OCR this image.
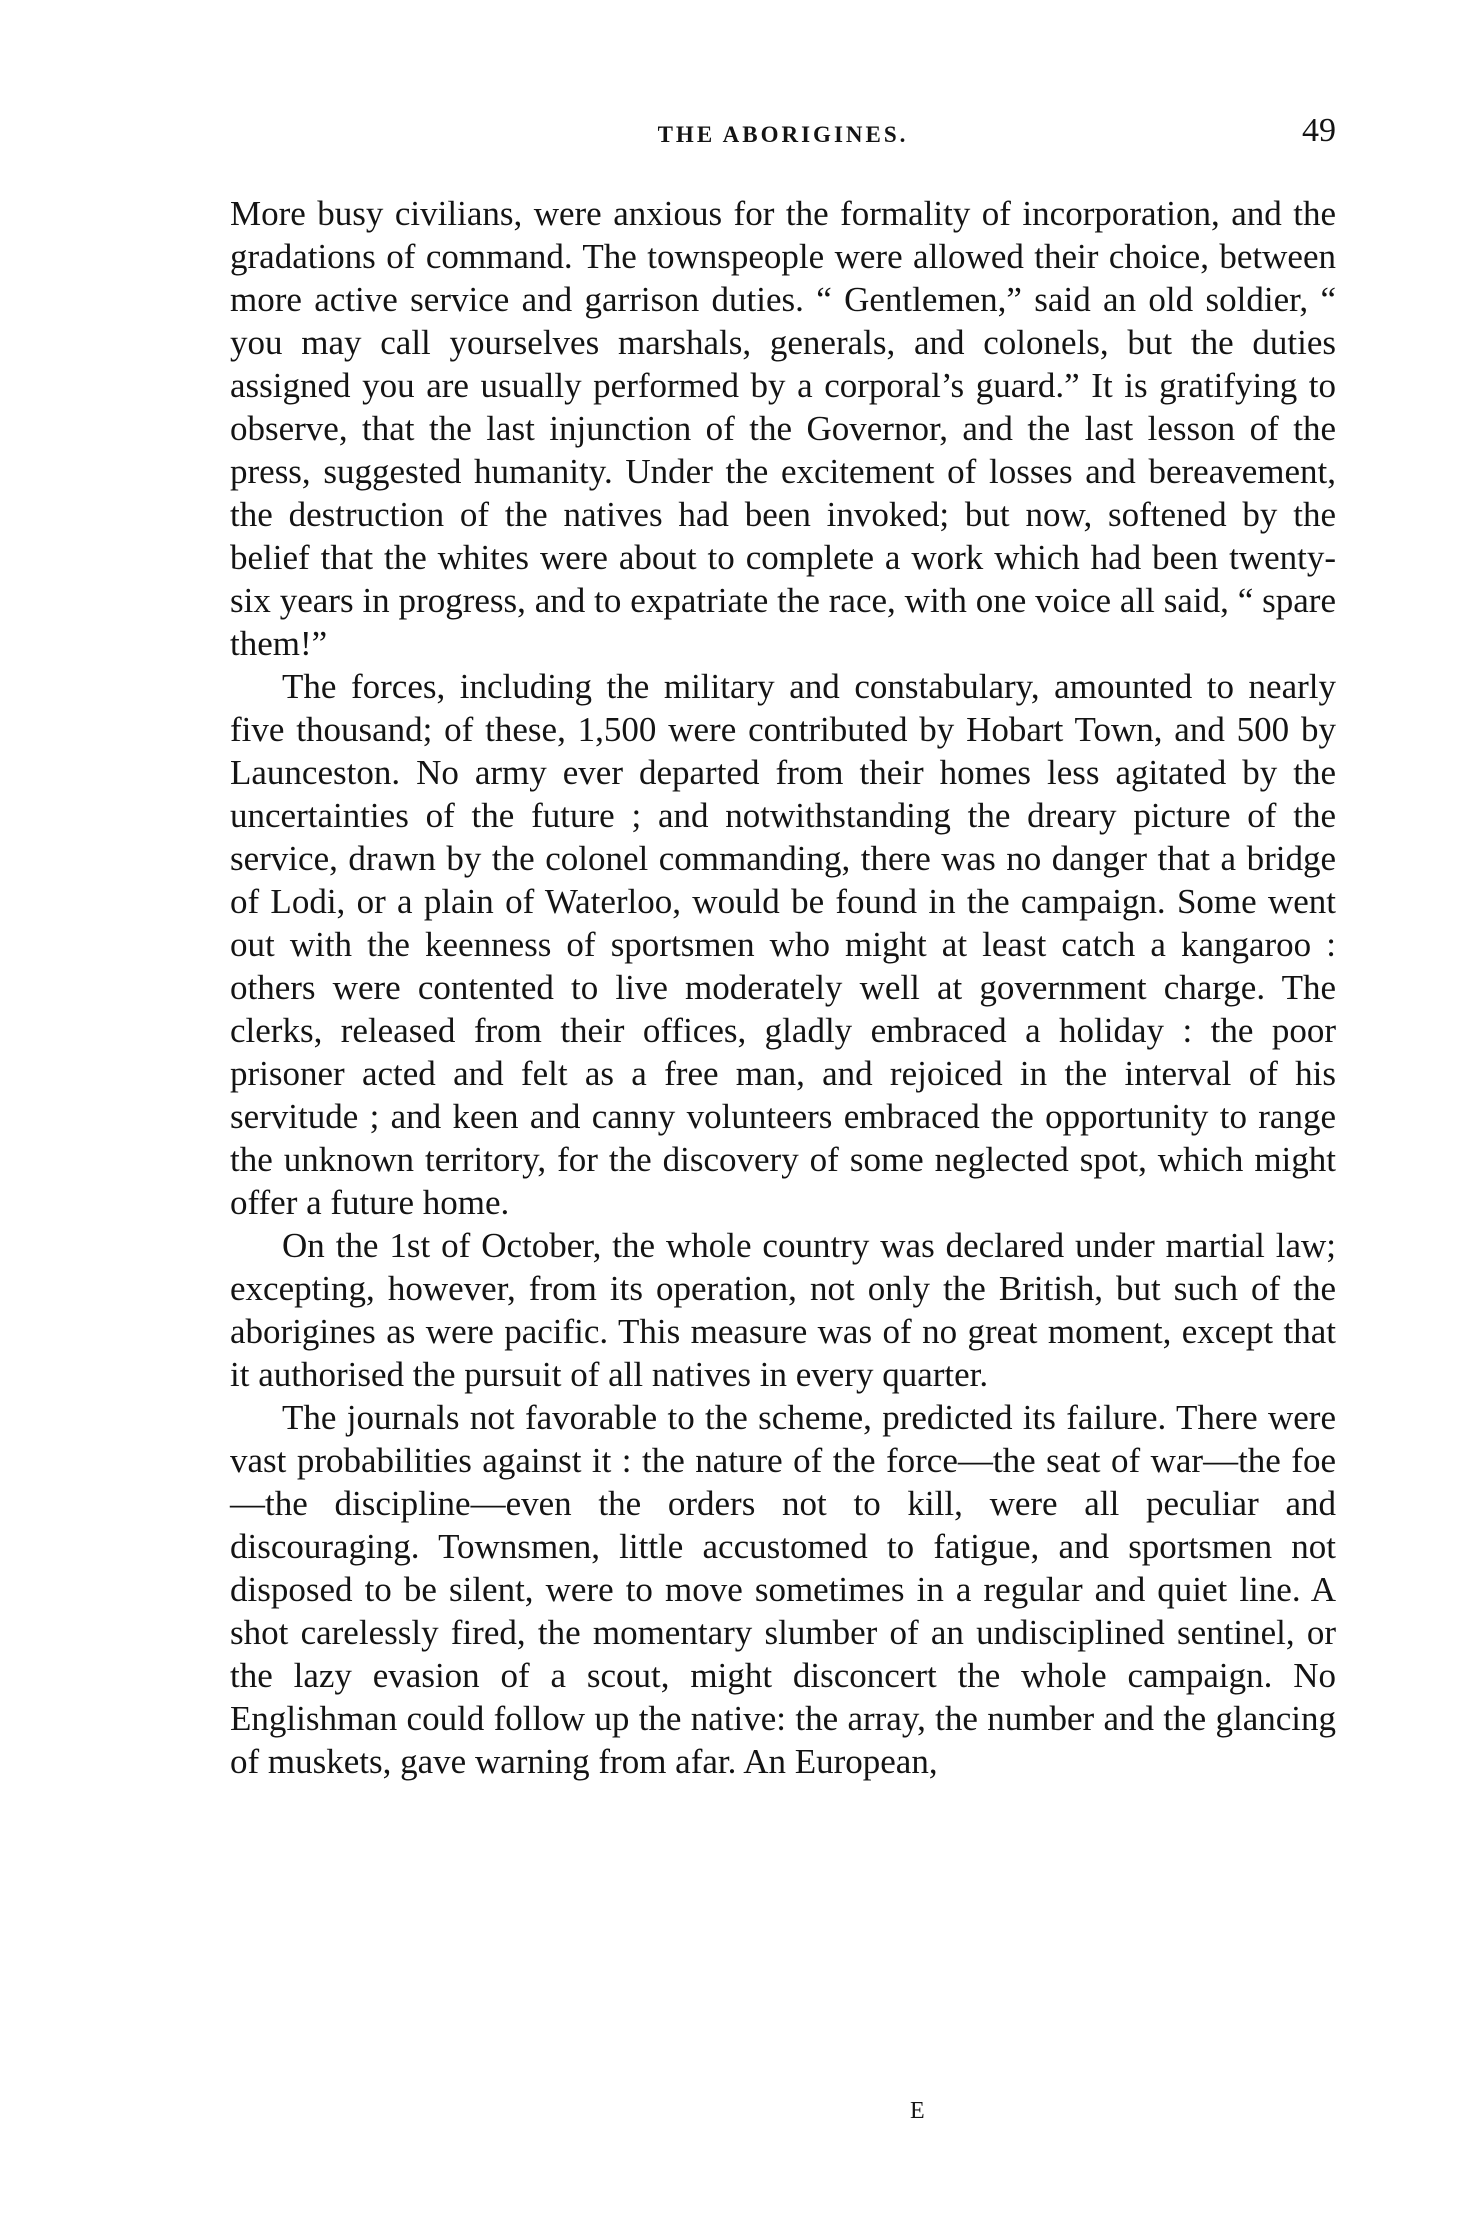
THE ABORIGINES.	49

More busy civilians, were anxious for the formality of incorporation, and the gradations of command. The townspeople were allowed their choice, between more active service and garrison duties. “ Gentlemen,” said an old soldier, “ you may call yourselves marshals, generals, and colonels, but the duties assigned you are usually performed by a corporal’s guard.” It is gratifying to observe, that the last injunction of the Governor, and the last lesson of the press, suggested humanity. Under the excitement of losses and bereavement, the destruction of the natives had been invoked; but now, softened by the belief that the whites were about to complete a work which had been twenty-six years in progress, and to expatriate the race, with one voice all said, “ spare them!”

The forces, including the military and constabulary, amounted to nearly five thousand; of these, 1,500 were contributed by Hobart Town, and 500 by Launceston. No army ever departed from their homes less agitated by the uncertainties of the future ; and notwithstanding the dreary picture of the service, drawn by the colonel commanding, there was no danger that a bridge of Lodi, or a plain of Waterloo, would be found in the campaign. Some went out with the keenness of sportsmen who might at least catch a kangaroo : others were contented to live moderately well at government charge. The clerks, released from their offices, gladly embraced a holiday : the poor prisoner acted and felt as a free man, and rejoiced in the interval of his servitude ; and keen and canny volunteers embraced the opportunity to range the unknown territory, for the discovery of some neglected spot, which might offer a future home.

On the 1st of October, the whole country was declared under martial law; excepting, however, from its operation, not only the British, but such of the aborigines as were pacific. This measure was of no great moment, except that it authorised the pursuit of all natives in every quarter.

The journals not favorable to the scheme, predicted its failure. There were vast probabilities against it : the nature of the force—the seat of war—the foe—the discipline—even the orders not to kill, were all peculiar and discouraging. Townsmen, little accustomed to fatigue, and sportsmen not disposed to be silent, were to move sometimes in a regular and quiet line. A shot carelessly fired, the momentary slumber of an undisciplined sentinel, or the lazy evasion of a scout, might disconcert the whole campaign. No Englishman could follow up the native: the array, the number and the glancing of muskets, gave warning from afar. An European,

E
